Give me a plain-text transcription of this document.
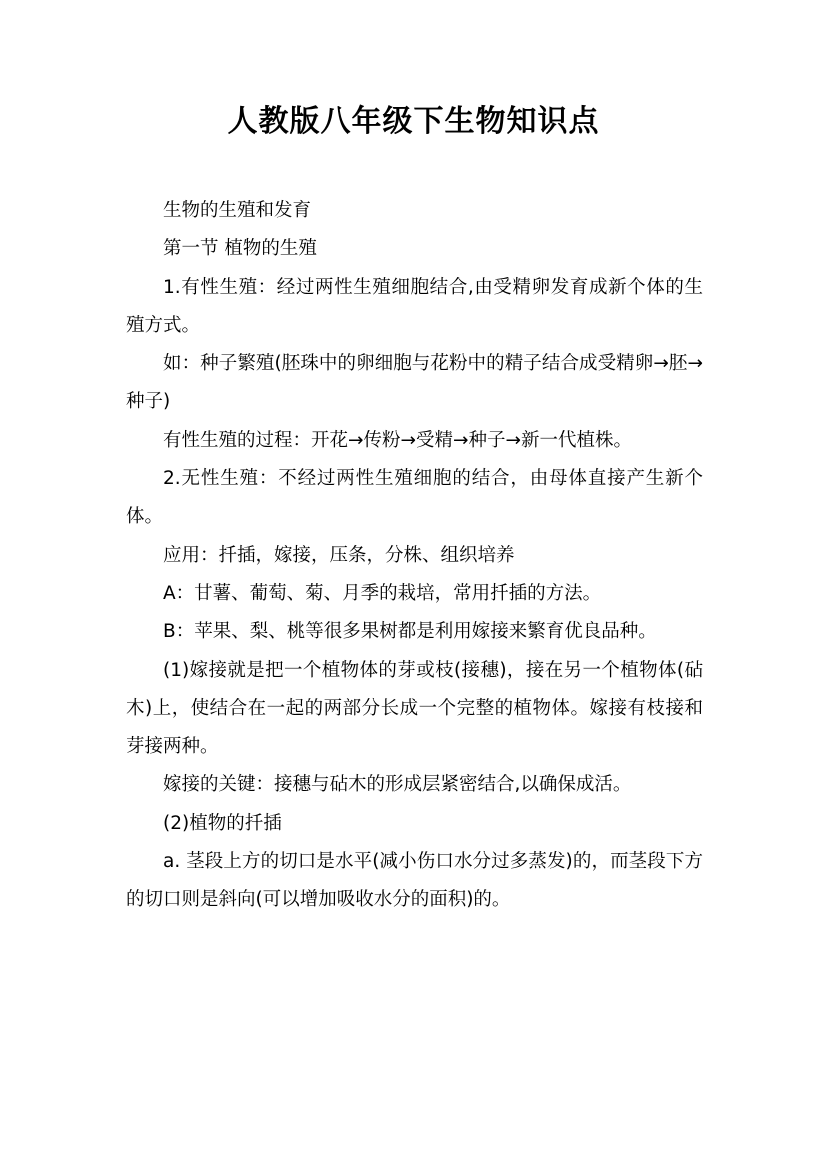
人教版八年级下生物知识点

生物的生殖和发育

第一节 植物的生殖

1.有性生殖：经过两性生殖细胞结合,由受精卵发育成新个体的生殖方式。

如：种子繁殖(胚珠中的卵细胞与花粉中的精子结合成受精卵→胚→种子)

有性生殖的过程：开花→传粉→受精→种子→新一代植株。

2.无性生殖：不经过两性生殖细胞的结合，由母体直接产生新个体。

应用：扦插，嫁接，压条，分株、组织培养

A：甘薯、葡萄、菊、月季的栽培，常用扦插的方法。

B：苹果、梨、桃等很多果树都是利用嫁接来繁育优良品种。

(1)嫁接就是把一个植物体的芽或枝(接穗)，接在另一个植物体(砧木)上，使结合在一起的两部分长成一个完整的植物体。嫁接有枝接和芽接两种。

嫁接的关键：接穗与砧木的形成层紧密结合,以确保成活。

(2)植物的扦插

a. 茎段上方的切口是水平(减小伤口水分过多蒸发)的，而茎段下方的切口则是斜向(可以增加吸收水分的面积)的。
